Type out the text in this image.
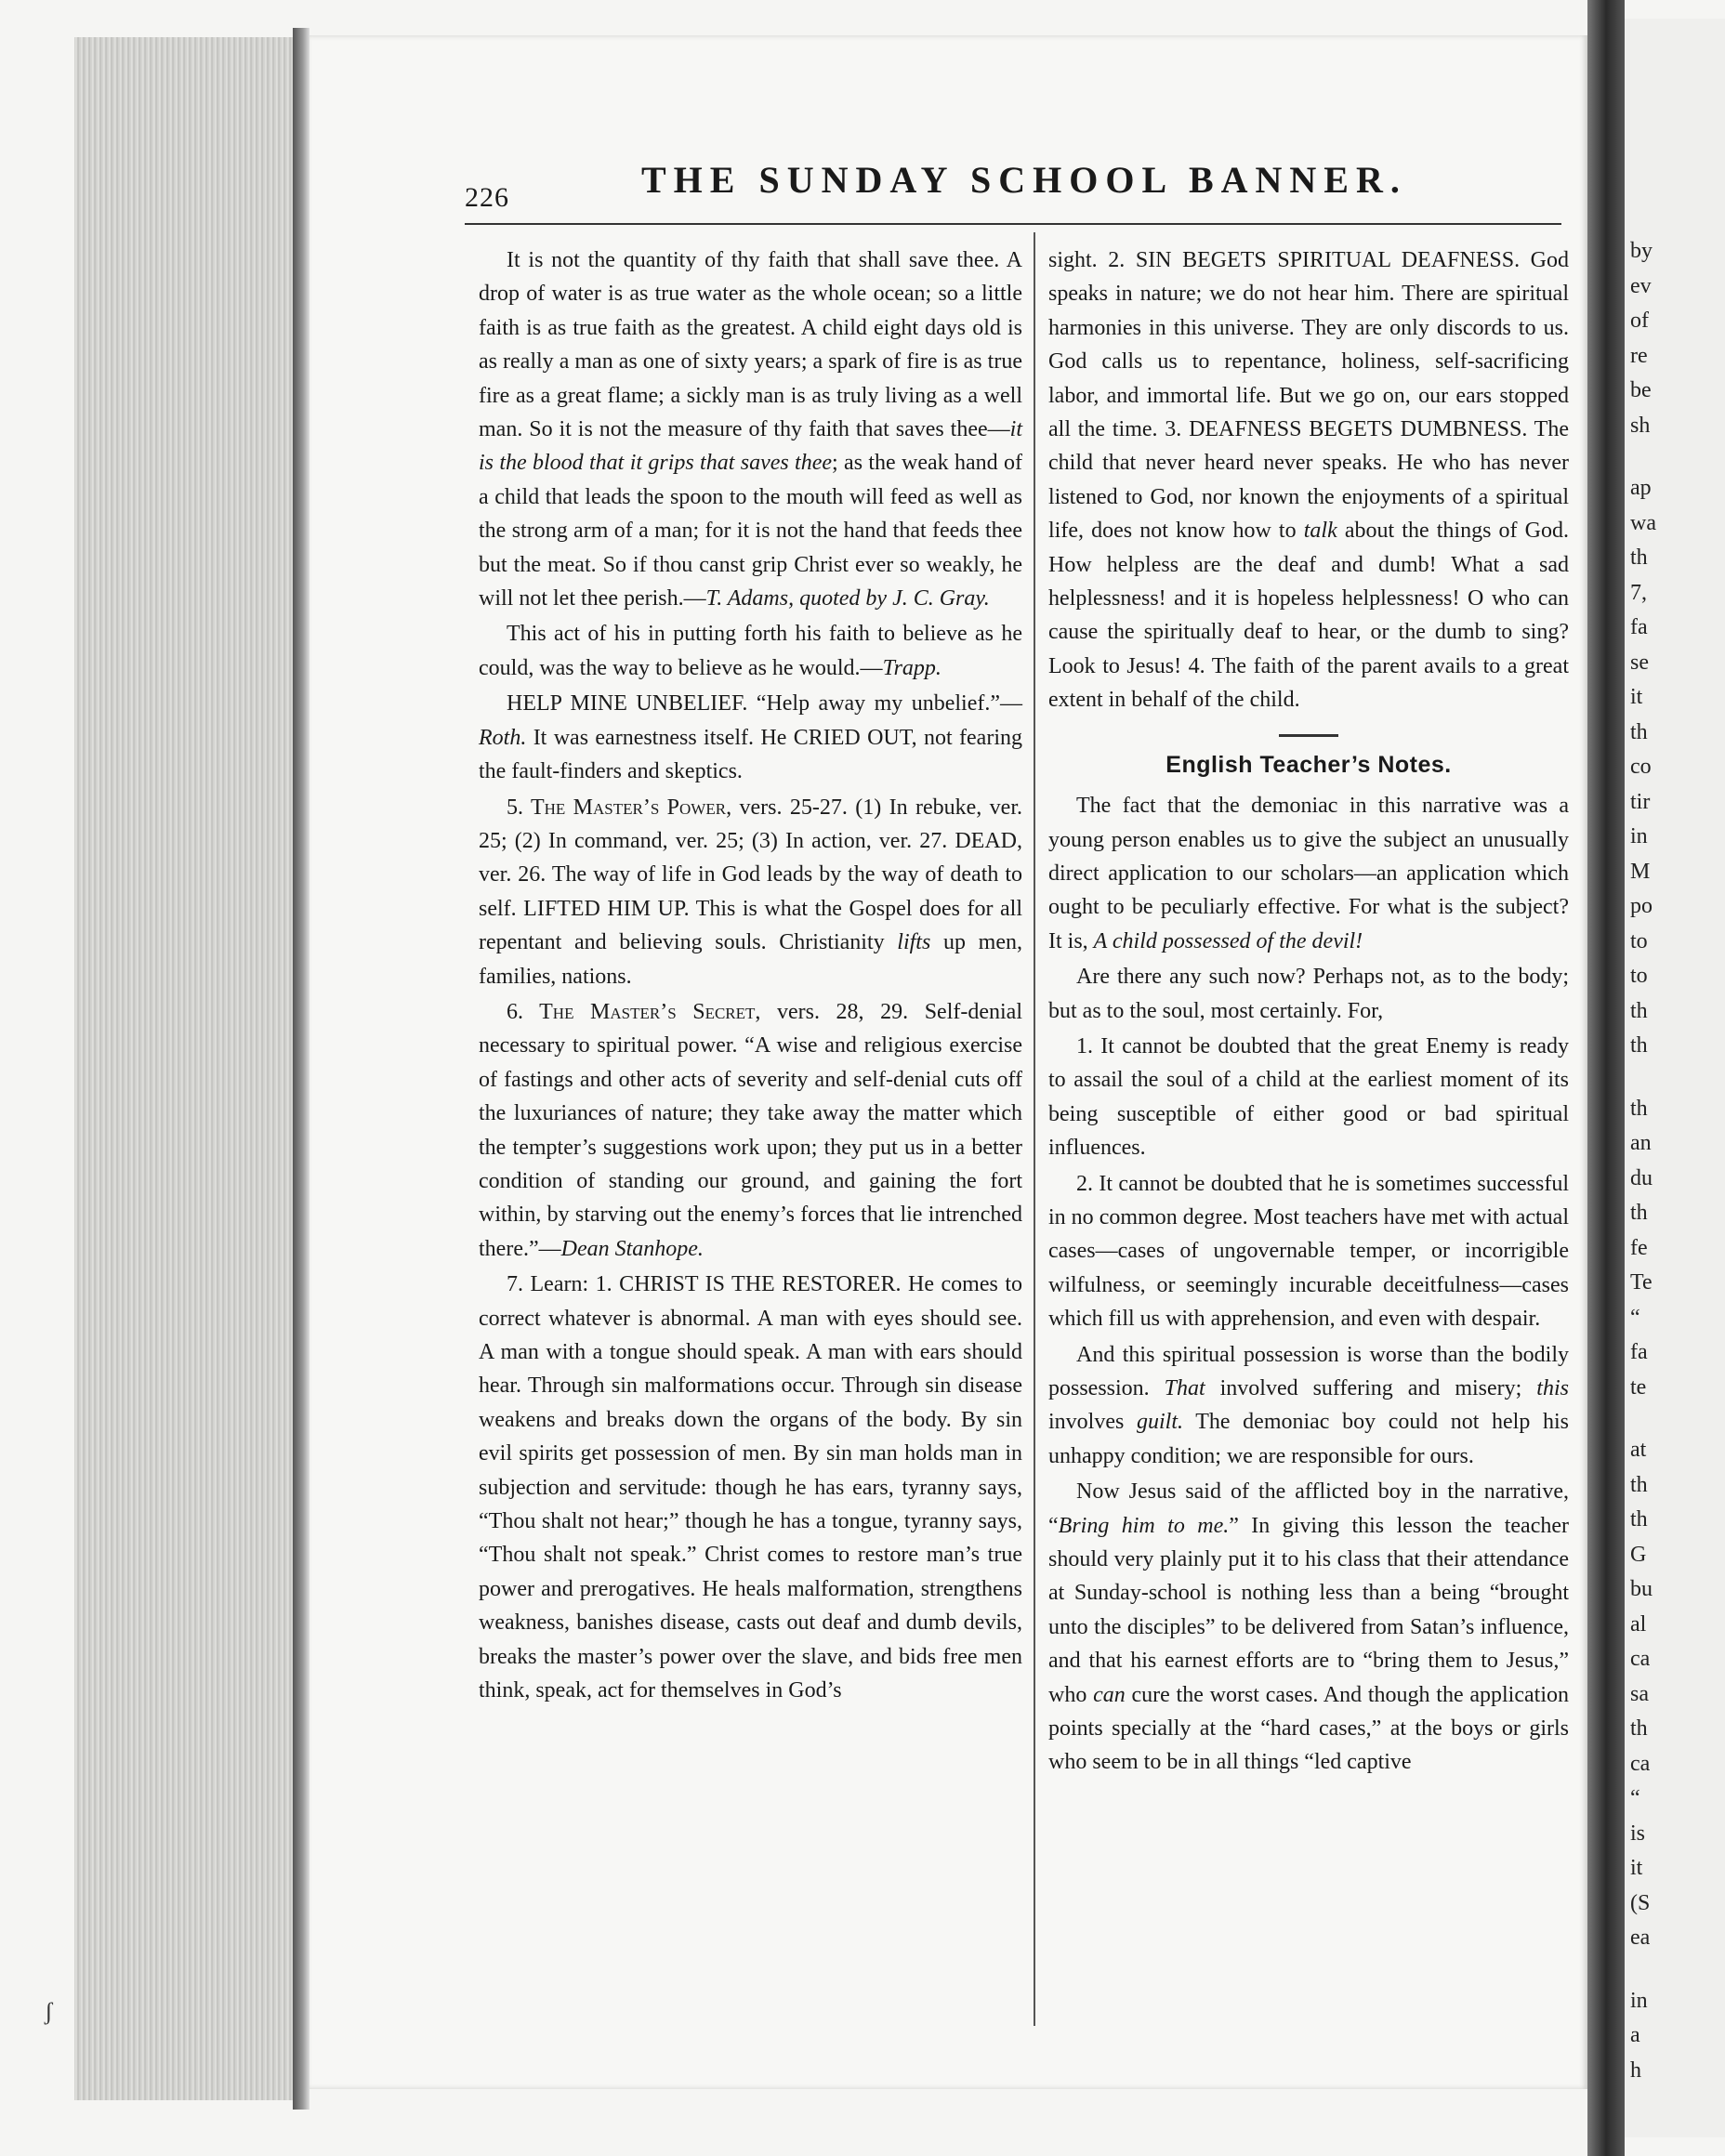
226	THE SUNDAY SCHOOL BANNER.

It is not the quantity of thy faith that shall save thee. A drop of water is as true water as the whole ocean; so a little faith is as true faith as the greatest. A child eight days old is as really a man as one of sixty years; a spark of fire is as true fire as a great flame; a sickly man is as truly living as a well man. So it is not the measure of thy faith that saves thee—it is the blood that it grips that saves thee; as the weak hand of a child that leads the spoon to the mouth will feed as well as the strong arm of a man; for it is not the hand that feeds thee but the meat. So if thou canst grip Christ ever so weakly, he will not let thee perish.—T. Adams, quoted by J. C. Gray.

This act of his in putting forth his faith to believe as he could, was the way to believe as he would.—Trapp.

HELP MINE UNBELIEF. “Help away my unbelief.”—Roth. It was earnestness itself. He CRIED OUT, not fearing the fault-finders and skeptics.

5. The Master’s Power, vers. 25-27. (1) In rebuke, ver. 25; (2) In command, ver. 25; (3) In action, ver. 27. DEAD, ver. 26. The way of life in God leads by the way of death to self. LIFTED HIM UP. This is what the Gospel does for all repentant and believing souls. Christianity lifts up men, families, nations.

6. The Master’s Secret, vers. 28, 29. Self-denial necessary to spiritual power. “A wise and religious exercise of fastings and other acts of severity and self-denial cuts off the luxuriances of nature; they take away the matter which the tempter’s suggestions work upon; they put us in a better condition of standing our ground, and gaining the fort within, by starving out the enemy’s forces that lie intrenched there.”—Dean Stanhope.

7. Learn: 1. CHRIST IS THE RESTORER. He comes to correct whatever is abnormal. A man with eyes should see. A man with a tongue should speak. A man with ears should hear. Through sin malformations occur. Through sin disease weakens and breaks down the organs of the body. By sin evil spirits get possession of men. By sin man holds man in subjection and servitude: though he has ears, tyranny says, “Thou shalt not hear;” though he has a tongue, tyranny says, “Thou shalt not speak.” Christ comes to restore man’s true power and prerogatives. He heals malformation, strengthens weakness, banishes disease, casts out deaf and dumb devils, breaks the master’s power over the slave, and bids free men think, speak, act for themselves in God’s

sight. 2. SIN BEGETS SPIRITUAL DEAFNESS. God speaks in nature; we do not hear him. There are spiritual harmonies in this universe. They are only discords to us. God calls us to repentance, holiness, self-sacrificing labor, and immortal life. But we go on, our ears stopped all the time. 3. DEAFNESS BEGETS DUMBNESS. The child that never heard never speaks. He who has never listened to God, nor known the enjoyments of a spiritual life, does not know how to talk about the things of God. How helpless are the deaf and dumb! What a sad helplessness! and it is hopeless helplessness! O who can cause the spiritually deaf to hear, or the dumb to sing? Look to Jesus! 4. The faith of the parent avails to a great extent in behalf of the child.

English Teacher’s Notes.

The fact that the demoniac in this narrative was a young person enables us to give the subject an unusually direct application to our scholars—an application which ought to be peculiarly effective. For what is the subject? It is, A child possessed of the devil!

Are there any such now? Perhaps not, as to the body; but as to the soul, most certainly. For,

1. It cannot be doubted that the great Enemy is ready to assail the soul of a child at the earliest moment of its being susceptible of either good or bad spiritual influences.

2. It cannot be doubted that he is sometimes successful in no common degree. Most teachers have met with actual cases—cases of ungovernable temper, or incorrigible wilfulness, or seemingly incurable deceitfulness—cases which fill us with apprehension, and even with despair.

And this spiritual possession is worse than the bodily possession. That involved suffering and misery; this involves guilt. The demoniac boy could not help his unhappy condition; we are responsible for ours.

Now Jesus said of the afflicted boy in the narrative, “Bring him to me.” In giving this lesson the teacher should very plainly put it to his class that their attendance at Sunday-school is nothing less than a being “brought unto the disciples” to be delivered from Satan’s influence, and that his earnest efforts are to “bring them to Jesus,” who can cure the worst cases. And though the application points specially at the “hard cases,” at the boys or girls who seem to be in all things “led captive

by
ev
of
re
be
sh
ap
wa
th
7,
fa
se
it
th
co
tir
in
M
po
to
to
th
th
th
an
du
th
fe
Te
“
fa
te
at
th
th
G
bu
al
ca
sa
th
ca
“
is
it
(S
ea
in
a
h
ʃ
